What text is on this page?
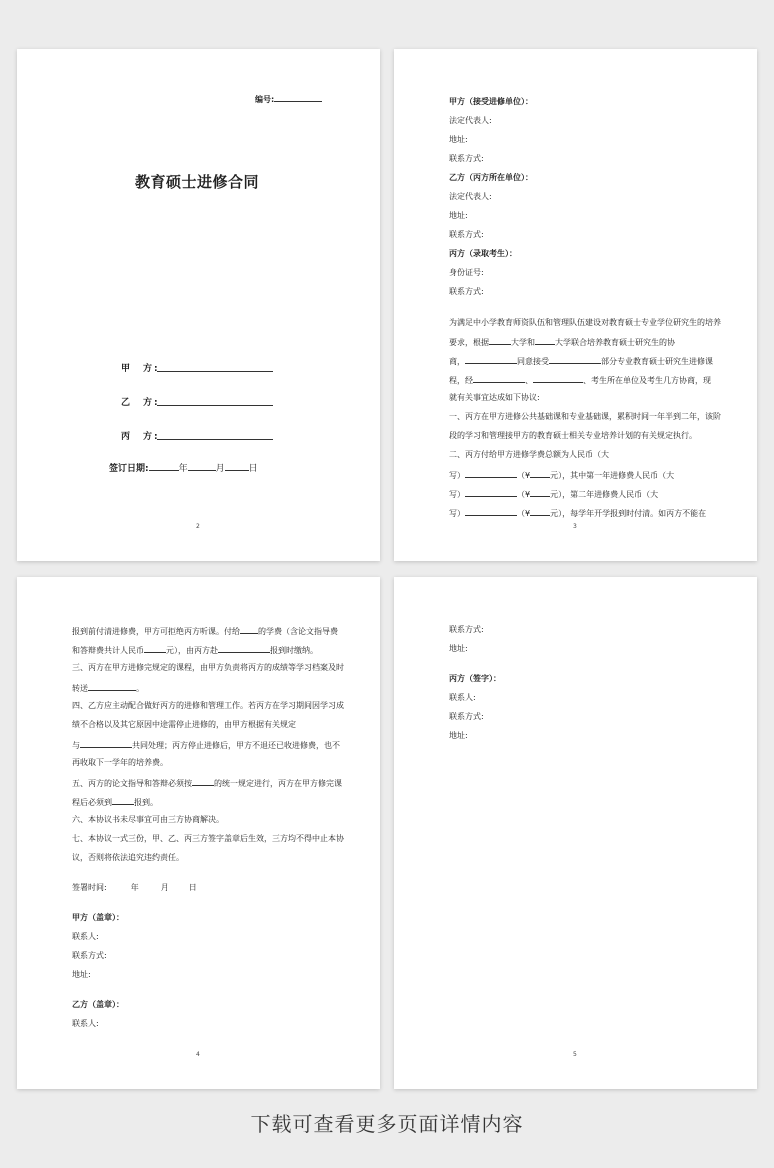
编号:
教育硕士进修合同
甲　方:
乙　方:
丙　方:
签订日期:	年	月	日
2
甲方（接受进修单位）：
法定代表人:
地址:
联系方式:
乙方（丙方所在单位）：
法定代表人:
地址:
联系方式:
丙方（录取考生）：
身份证号:
联系方式:
为满足中小学教育师资队伍和管理队伍建设对教育硕士专业学位研究生的培养
要求，根据	大学和	大学联合培养教育硕士研究生的协
商，	同意接受	部分专业教育硕士研究生进修课
程，经	、	、考生所在单位及考生几方协商，现
就有关事宜达成如下协议:
一、丙方在甲方进修公共基础课和专业基础课，累积时间一年半到二年，该阶
段的学习和管理接甲方的教育硕士相关专业培养计划的有关规定执行。
二、丙方付给甲方进修学费总额为人民币（大
写）	（¥	元），其中第一年进修费人民币（大
写）	（¥	元），第二年进修费人民币（大
写）	（¥	元），每学年开学报到时付清。如丙方不能在
3
报到前付清进修费，甲方可拒绝丙方听课。付给 的学费（含论文指导费
和答辩费共计人民币	元），由丙方赴	报到时缴纳。
三、丙方在甲方进修完规定的课程，由甲方负责将丙方的成绩等学习档案及时
转送	。
四、乙方应主动配合做好丙方的进修和管理工作。若丙方在学习期间因学习成
绩不合格以及其它原因中途需停止进修的，由甲方根据有关规定
与	共同处理；丙方停止进修后，甲方不退还已收进修费，也不
再收取下一学年的培养费。
五、丙方的论文指导和答辩必须按	的统一规定进行，丙方在甲方修完课
程后必须到	报到。
六、本协议书未尽事宜可由三方协商解决。
七、本协议一式三份，甲、乙、丙三方签字盖章后生效，三方均不得中止本协
议，否则将依法追究违约责任。
签署时间:	年	月	日
甲方（盖章）：
联系人:
联系方式:
地址:
乙方（盖章）：
联系人:
4
联系方式:
地址:
丙方（签字）：
联系人:
联系方式:
地址:
5
下载可查看更多页面详情内容
